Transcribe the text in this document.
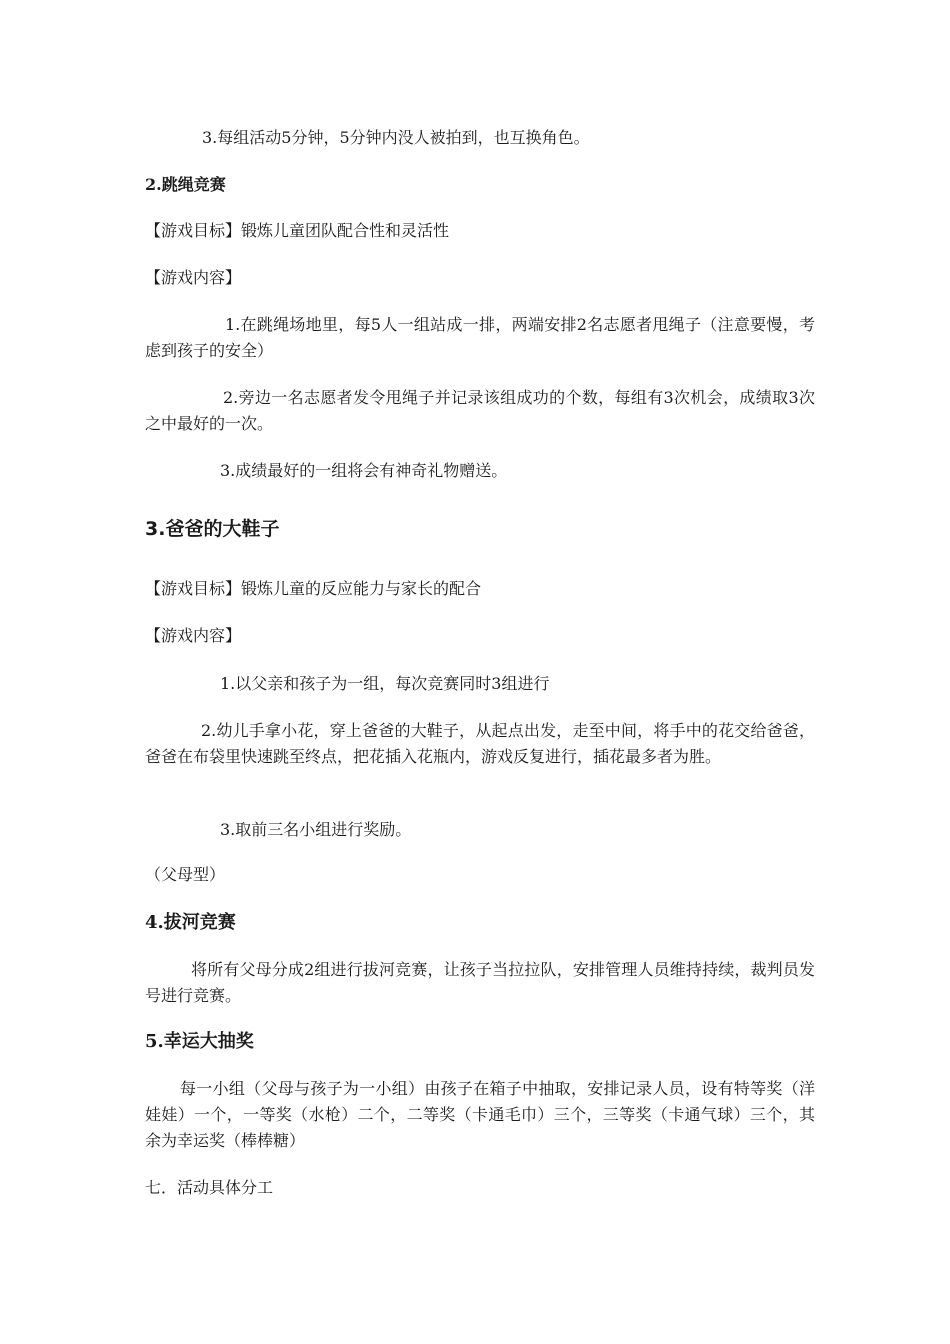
3.每组活动5分钟，5分钟内没人被拍到，也互换角色。

2.跳绳竞赛

【游戏目标】锻炼儿童团队配合性和灵活性

【游戏内容】

1.在跳绳场地里，每5人一组站成一排，两端安排2名志愿者甩绳子（注意要慢，考虑到孩子的安全）

2.旁边一名志愿者发令甩绳子并记录该组成功的个数，每组有3次机会，成绩取3次之中最好的一次。

3.成绩最好的一组将会有神奇礼物赠送。

3.爸爸的大鞋子

【游戏目标】锻炼儿童的反应能力与家长的配合

【游戏内容】

1.以父亲和孩子为一组，每次竞赛同时3组进行

2.幼儿手拿小花，穿上爸爸的大鞋子，从起点出发，走至中间，将手中的花交给爸爸，爸爸在布袋里快速跳至终点，把花插入花瓶内，游戏反复进行，插花最多者为胜。

3.取前三名小组进行奖励。

（父母型）

4.拔河竞赛

将所有父母分成2组进行拔河竞赛，让孩子当拉拉队，安排管理人员维持持续，裁判员发号进行竞赛。

5.幸运大抽奖

每一小组（父母与孩子为一小组）由孩子在箱子中抽取，安排记录人员，设有特等奖（洋娃娃）一个，一等奖（水枪）二个，二等奖（卡通毛巾）三个，三等奖（卡通气球）三个，其余为幸运奖（棒棒糖）

七．活动具体分工
